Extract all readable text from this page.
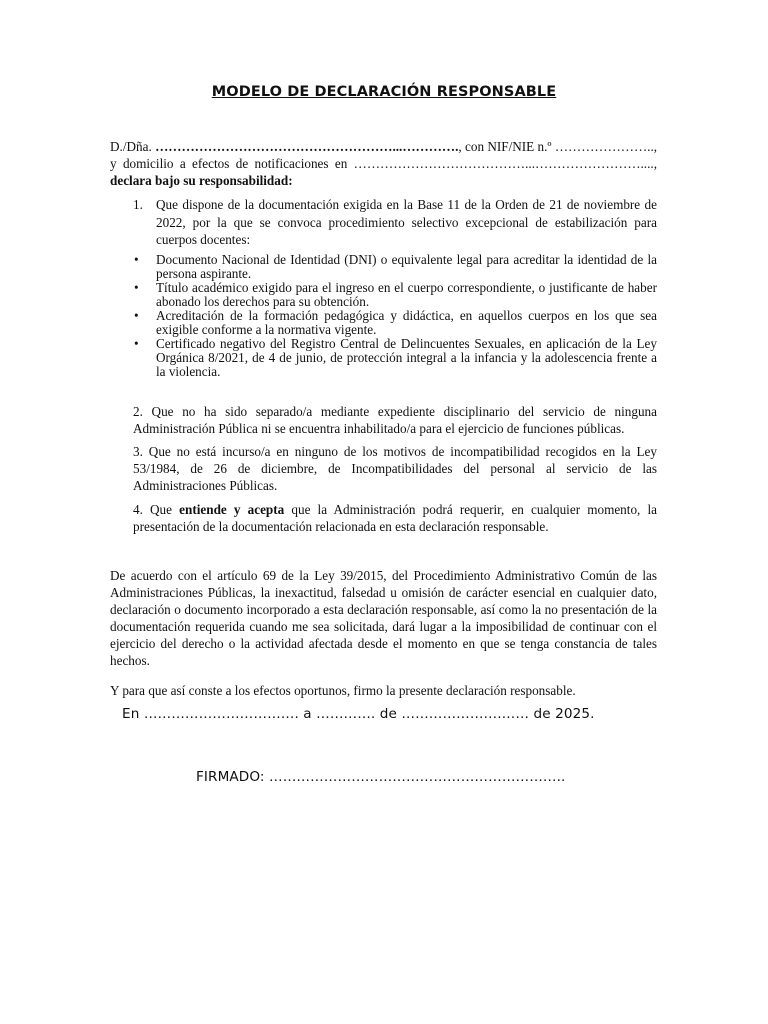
MODELO DE DECLARACIÓN RESPONSABLE

D./Dña. ………………………………………………...…………., con NIF/NIE n.º …………………..,

y domicilio a efectos de notificaciones en …………………………………...……………………....,

declara bajo su responsabilidad:

1. Que dispone de la documentación exigida en la Base 11 de la Orden de 21 de noviembre de 2022, por la que se convoca procedimiento selectivo excepcional de estabilización para cuerpos docentes:
• Documento Nacional de Identidad (DNI) o equivalente legal para acreditar la identidad de la persona aspirante.
• Título académico exigido para el ingreso en el cuerpo correspondiente, o justificante de haber abonado los derechos para su obtención.
• Acreditación de la formación pedagógica y didáctica, en aquellos cuerpos en los que sea exigible conforme a la normativa vigente.
• Certificado negativo del Registro Central de Delincuentes Sexuales, en aplicación de la Ley Orgánica 8/2021, de 4 de junio, de protección integral a la infancia y la adolescencia frente a la violencia.

2. Que no ha sido separado/a mediante expediente disciplinario del servicio de ninguna Administración Pública ni se encuentra inhabilitado/a para el ejercicio de funciones públicas.

3. Que no está incurso/a en ninguno de los motivos de incompatibilidad recogidos en la Ley 53/1984, de 26 de diciembre, de Incompatibilidades del personal al servicio de las Administraciones Públicas.

4. Que entiende y acepta que la Administración podrá requerir, en cualquier momento, la presentación de la documentación relacionada en esta declaración responsable.

De acuerdo con el artículo 69 de la Ley 39/2015, del Procedimiento Administrativo Común de las Administraciones Públicas, la inexactitud, falsedad u omisión de carácter esencial en cualquier dato, declaración o documento incorporado a esta declaración responsable, así como la no presentación de la documentación requerida cuando me sea solicitada, dará lugar a la imposibilidad de continuar con el ejercicio del derecho o la actividad afectada desde el momento en que se tenga constancia de tales hechos.

Y para que así conste a los efectos oportunos, firmo la presente declaración responsable.

En ……………………………. a …………. de ………………….…… de 2025.
FIRMADO: ………………………………………………………..
